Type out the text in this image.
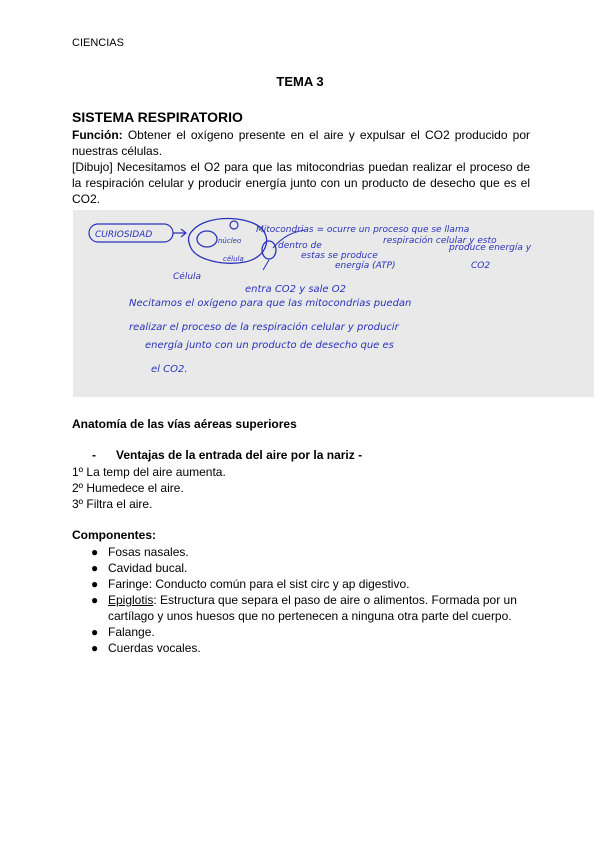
CIENCIAS
TEMA 3
SISTEMA RESPIRATORIO
Función: Obtener el oxígeno presente en el aire y expulsar el CO2 producido por nuestras células.
[Dibujo] Necesitamos el O2 para que las mitocondrias puedan realizar el proceso de la respiración celular y producir energía junto con un producto de desecho que es el CO2.
CURIOSIDAD
núcleo
célula
Célula
Mitocondrias = ocurre un proceso que se llama
respiración celular y esto
dentro de
estas se produce
energía (ATP)
produce energía y
CO2
entra CO2 y sale O2
Necitamos el oxígeno para que las mitocondrias puedan
realizar el proceso de la respiración celular y producir
energía junto con un producto de desecho que es
el CO2.
Anatomía de las vías aéreas superiores
- Ventajas de la entrada del aire por la nariz -
1º La temp del aire aumenta.
2º Humedece el aire.
3º Filtra el aire.
Componentes:
● Fosas nasales.
● Cavidad bucal.
● Faringe: Conducto común para el sist circ y ap digestivo.
● Epiglotis: Estructura que separa el paso de aire o alimentos. Formada por un cartílago y unos huesos que no pertenecen a ninguna otra parte del cuerpo.
● Falange.
● Cuerdas vocales.
